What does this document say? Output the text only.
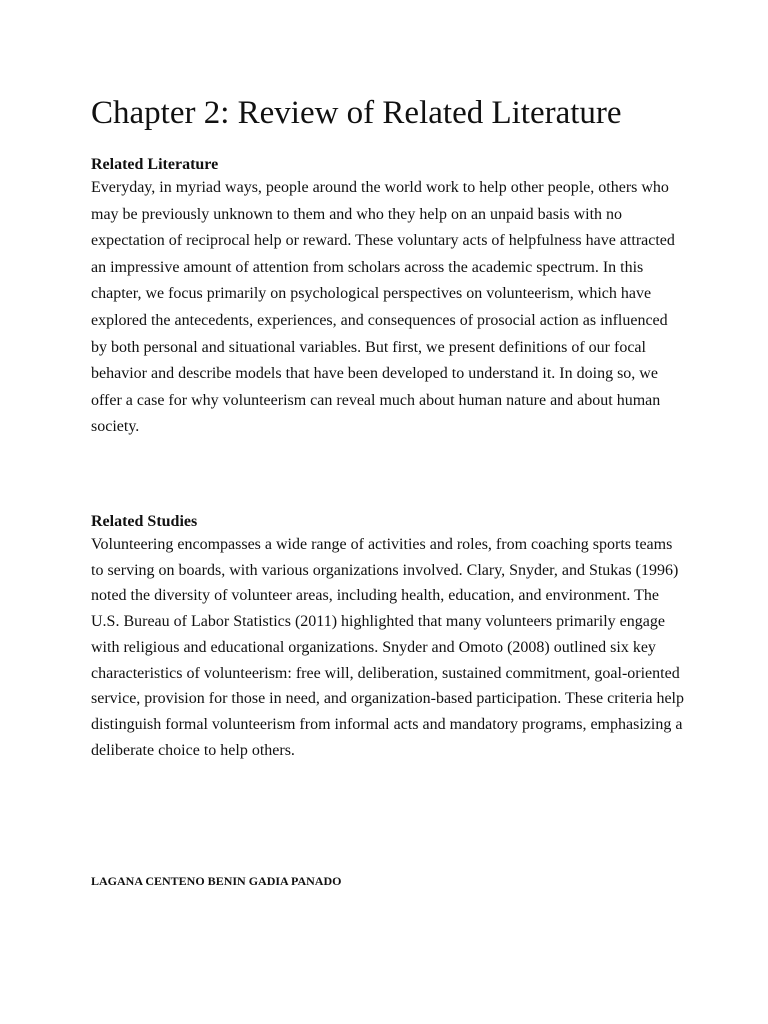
Chapter 2: Review of Related Literature
Related Literature

Everyday, in myriad ways, people around the world work to help other people, others who may be previously unknown to them and who they help on an unpaid basis with no expectation of reciprocal help or reward. These voluntary acts of helpfulness have attracted an impressive amount of attention from scholars across the academic spectrum. In this chapter, we focus primarily on psychological perspectives on volunteerism, which have explored the antecedents, experiences, and consequences of prosocial action as influenced by both personal and situational variables. But first, we present definitions of our focal behavior and describe models that have been developed to understand it. In doing so, we offer a case for why volunteerism can reveal much about human nature and about human society.

Related Studies

Volunteering encompasses a wide range of activities and roles, from coaching sports teams to serving on boards, with various organizations involved. Clary, Snyder, and Stukas (1996) noted the diversity of volunteer areas, including health, education, and environment. The U.S. Bureau of Labor Statistics (2011) highlighted that many volunteers primarily engage with religious and educational organizations. Snyder and Omoto (2008) outlined six key characteristics of volunteerism: free will, deliberation, sustained commitment, goal-oriented service, provision for those in need, and organization-based participation. These criteria help distinguish formal volunteerism from informal acts and mandatory programs, emphasizing a deliberate choice to help others.

LAGANA CENTENO BENIN GADIA PANADO
